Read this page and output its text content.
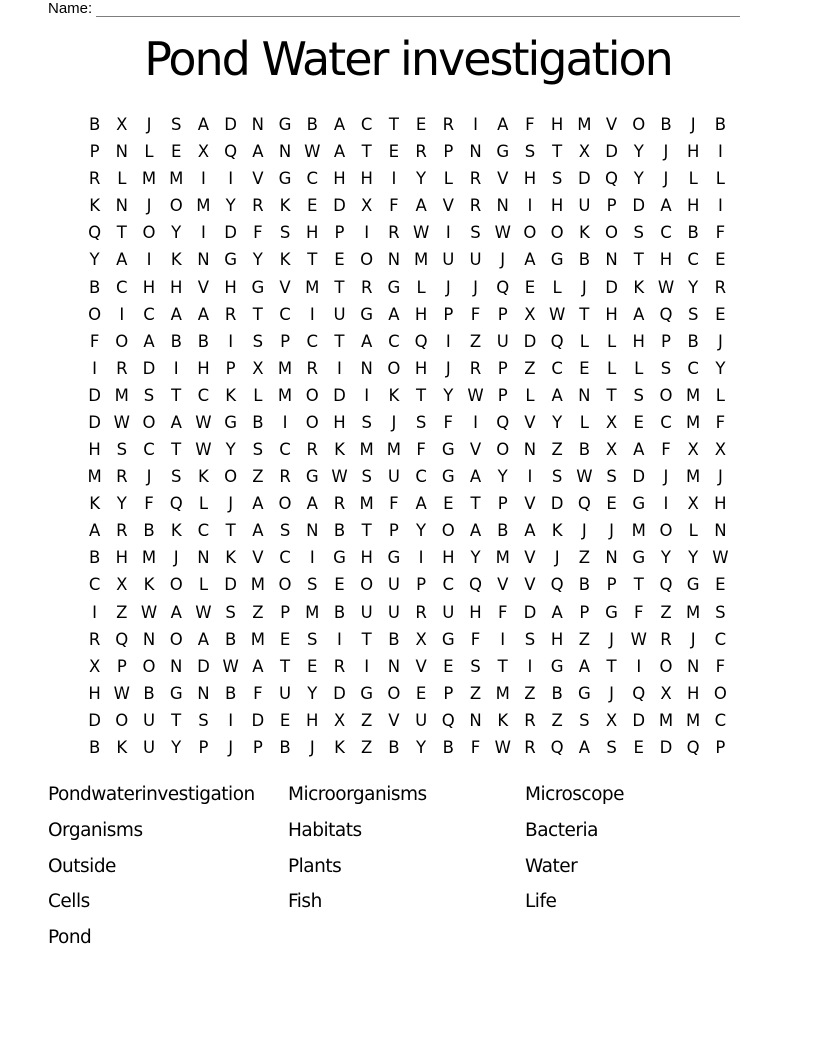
Name:
Pond Water investigation
B X	J	S A D N G B A C T	E R	I	A	F H M V O B	J	B
P N L	E X Q A N W A	T	E R	P N G S	T	X D Y	J	H	I
R	L M M	I	I	V G C H H	I	Y	L	R V H S D Q Y	J	L	L
K N	J	O M Y R K	E D X	F	A V R N	I	H U P D A H	I
Q T O Y	I	D F	S H P	I	R W	I	S W O O K O S C B	F
Y	A	I	K N G Y	K	T	E O N M U U	J	A G B N T H C E
B C H H V H G V M T R G L	J	J	Q E	L	J	D K W Y R
O	I	C A A R T C	I	U G A H P	F	P	X W T H A Q S	E
F O A B B	I	S	P C T	A C Q	I	Z U D Q L	L H P	B	J
I	R D	I	H P	X M R	I	N O H	J	R	P	Z C E	L	L	S C Y
D M S	T C K	L M O D	I	K	T	Y W P	L	A N T	S O M L
D W O A W G B	I	O H S	J	S	F	I	Q V	Y	L	X E C M F
H S C T W Y	S C R K M M F G V O N Z B X A	F	X X
M R	J	S	K O Z R G W S U C G A	Y	I	S W S D	J	M	J
K	Y	F Q L	J	A O A R M F	A E	T	P	V D Q E G	I	X H
A R B K C T	A S N B T	P	Y O A B A K	J	J	M O L N
B H M	J	N K V C	I	G H G	I	H Y M V	J	Z N G Y	Y W
C X K O L D M O S	E O U P C Q V V Q B	P	T Q G E
I	Z W A W S Z	P M B U U R U H F D A	P G F	Z M S
R Q N O A B M E	S	I	T	B X G F	I	S H Z	J	W R	J	C
X	P O N D W A	T	E R	I	N V E	S	T	I	G A	T	I	O N F
H W B G N B	F U Y D G O E	P	Z M Z B G	J	Q X H O
D O U T	S	I	D E H X Z V U Q N K R Z S X D M M C
B K U Y	P	J	P	B	J	K Z B	Y	B	F W R Q A S	E D Q P
Pondwaterinvestigation
Organisms
Outside
Cells
Pond
Microorganisms
Habitats
Plants
Fish
Microscope
Bacteria
Water
Life
